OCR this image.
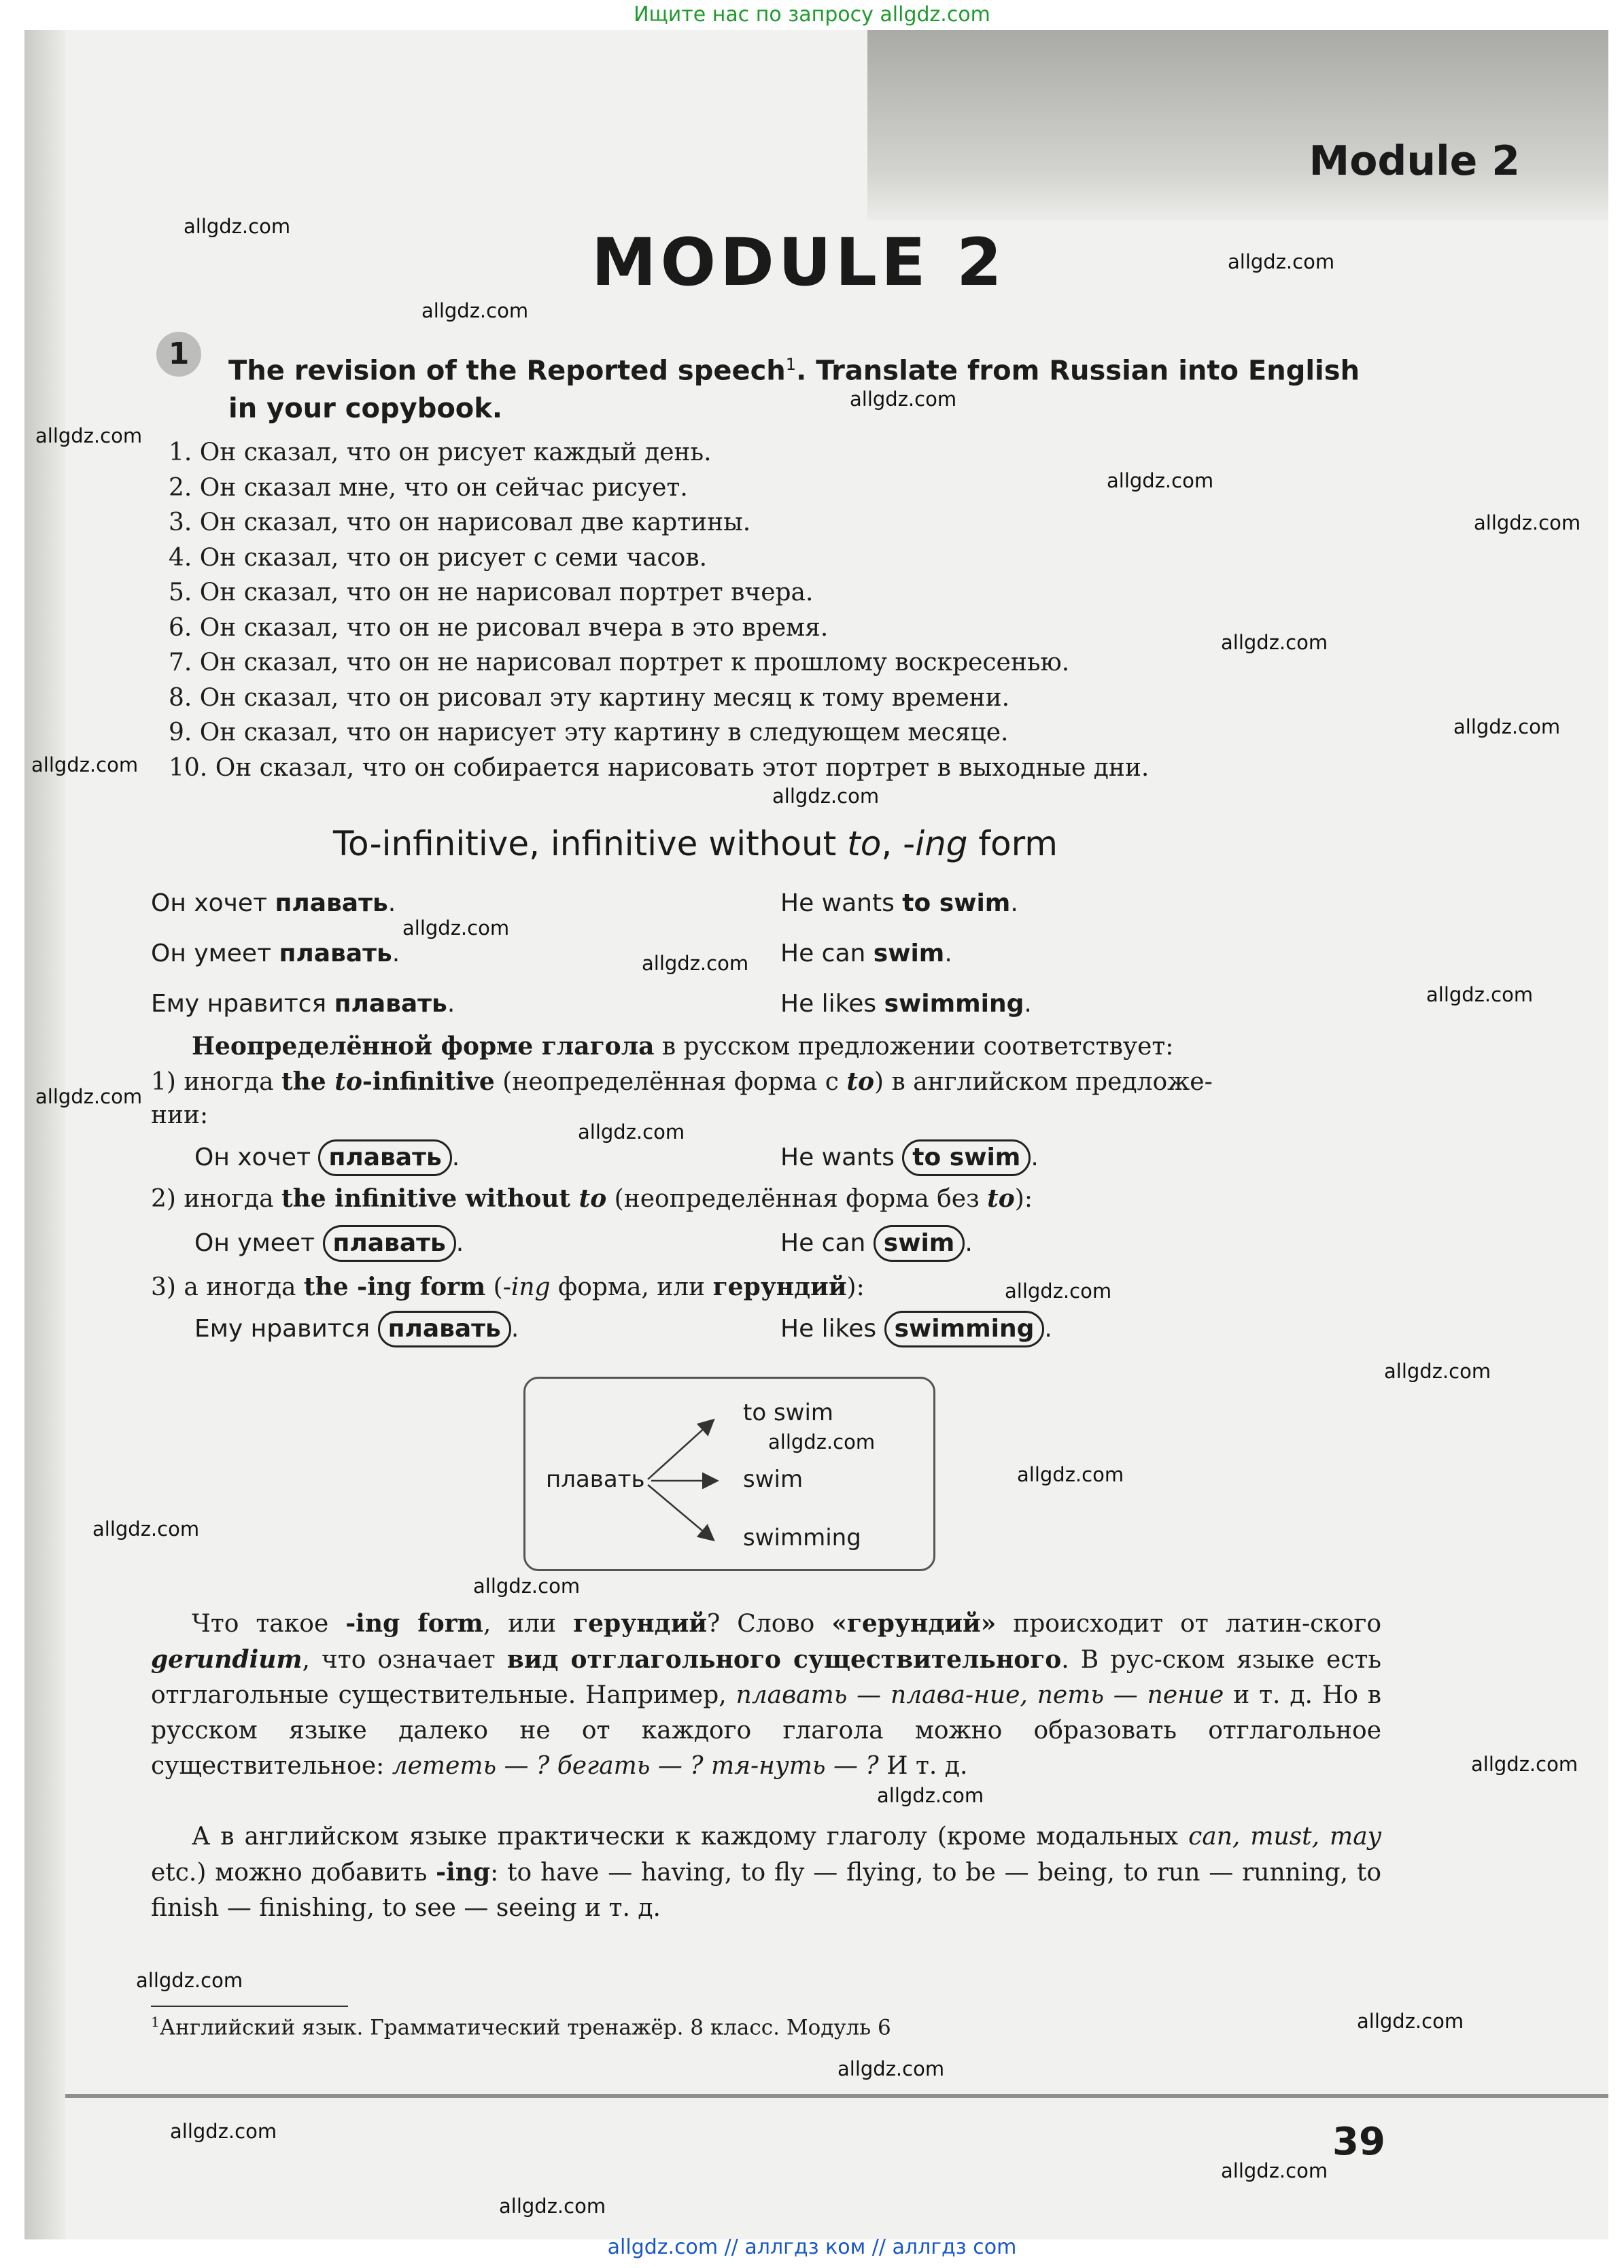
Ищите нас по запросу allgdz.com
Module 2
MODULE 2
1	The revision of the Reported speech$^1$. Translate from Russian into English
in your copybook.
1. Он сказал, что он рисует каждый день.
2. Он сказал мне, что он сейчас рисует.
3. Он сказал, что он нарисовал две картины.
4. Он сказал, что он рисует с семи часов.
5. Он сказал, что он не нарисовал портрет вчера.
6. Он сказал, что он не рисовал вчера в это время.
7. Он сказал, что он не нарисовал портрет к прошлому воскресенью.
8. Он сказал, что он рисовал эту картину месяц к тому времени.
9. Он сказал, что он нарисует эту картину в следующем месяце.
10. Он сказал, что он собирается нарисовать этот портрет в выходные дни.
To-infinitive, infinitive without to, -ing form
Он хочет плавать.	He wants to swim.
Он умеет плавать.	He can swim.
Ему нравится плавать.	He likes swimming.
Неопределённой форме глагола в русском предложении соответствует:
1) иногда the to-infinitive (неопределённая форма с to) в английском предложе-
нии:
Он хочет плавать .	He wants to swim .
2) иногда the infinitive without to (неопределённая форма без to):
Он умеет плавать .	He can swim .
3) а иногда the -ing form (-ing форма, или герундий):
Ему нравится плавать .	He likes swimming .
плавать
to swim
swim
swimming
Что такое -ing form, или герундий? Слово «герундий» происходит от латин-ского gerundium, что означает вид отглагольного существительного. В рус-ском языке есть отглагольные существительные. Например, плавать — плава-ние, петь — пение и т. д. Но в русском языке далеко не от каждого глагола можно образовать отглагольное существительное: лететь — ? бегать — ? тя-нуть — ? И т. д.
А в английском языке практически к каждому глаголу (кроме модальных can, must, may etc.) можно добавить -ing: to have — having, to fly — flying, to be — being, to run — running, to finish — finishing, to see — seeing и т. д.
$^1$Английский язык. Грамматический тренажёр. 8 класс. Модуль 6
39
allgdz.com
allgdz.com
allgdz.com
allgdz.com
allgdz.com
allgdz.com
allgdz.com
allgdz.com
allgdz.com
allgdz.com
allgdz.com
allgdz.com
allgdz.com
allgdz.com
allgdz.com
allgdz.com
allgdz.com
allgdz.com
allgdz.com
allgdz.com
allgdz.com
allgdz.com
allgdz.com
allgdz.com
allgdz.com
allgdz.com
allgdz.com
allgdz.com
allgdz.com
allgdz.com
allgdz.com // аллгдз ком // аллгдз com
